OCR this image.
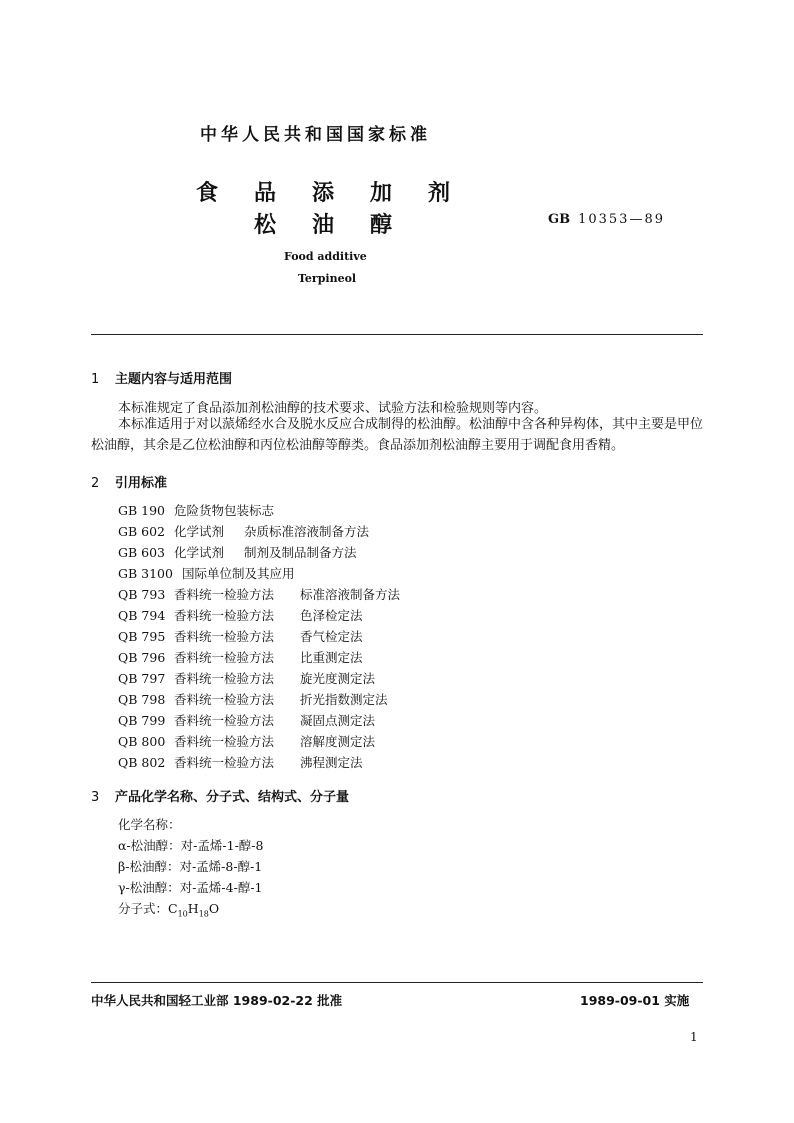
中华人民共和国国家标准
食 品 添 加 剂
松 油 醇	GB 10353—89
Food additive
Terpineol
1 主题内容与适用范围
本标准规定了食品添加剂松油醇的技术要求、试验方法和检验规则等内容。
本标准适用于对以蒎烯经水合及脱水反应合成制得的松油醇。松油醇中含各种异构体，其中主要是甲位松油醇，其余是乙位松油醇和丙位松油醇等醇类。食品添加剂松油醇主要用于调配食用香精。
2 引用标准
GB 190 危险货物包装标志
GB 602 化学试剂 杂质标准溶液制备方法
GB 603 化学试剂 制剂及制品制备方法
GB 3100 国际单位制及其应用
QB 793 香料统一检验方法 标准溶液制备方法
QB 794 香料统一检验方法 色泽检定法
QB 795 香料统一检验方法 香气检定法
QB 796 香料统一检验方法 比重测定法
QB 797 香料统一检验方法 旋光度测定法
QB 798 香料统一检验方法 折光指数测定法
QB 799 香料统一检验方法 凝固点测定法
QB 800 香料统一检验方法 溶解度测定法
QB 802 香料统一检验方法 沸程测定法
3 产品化学名称、分子式、结构式、分子量
化学名称：
α-松油醇：对-孟烯-1-醇-8
β-松油醇：对-孟烯-8-醇-1
γ-松油醇：对-孟烯-4-醇-1
分子式：$C_{10}H_{18}O$
中华人民共和国轻工业部 1989-02-22 批准	1989-09-01 实施
1
